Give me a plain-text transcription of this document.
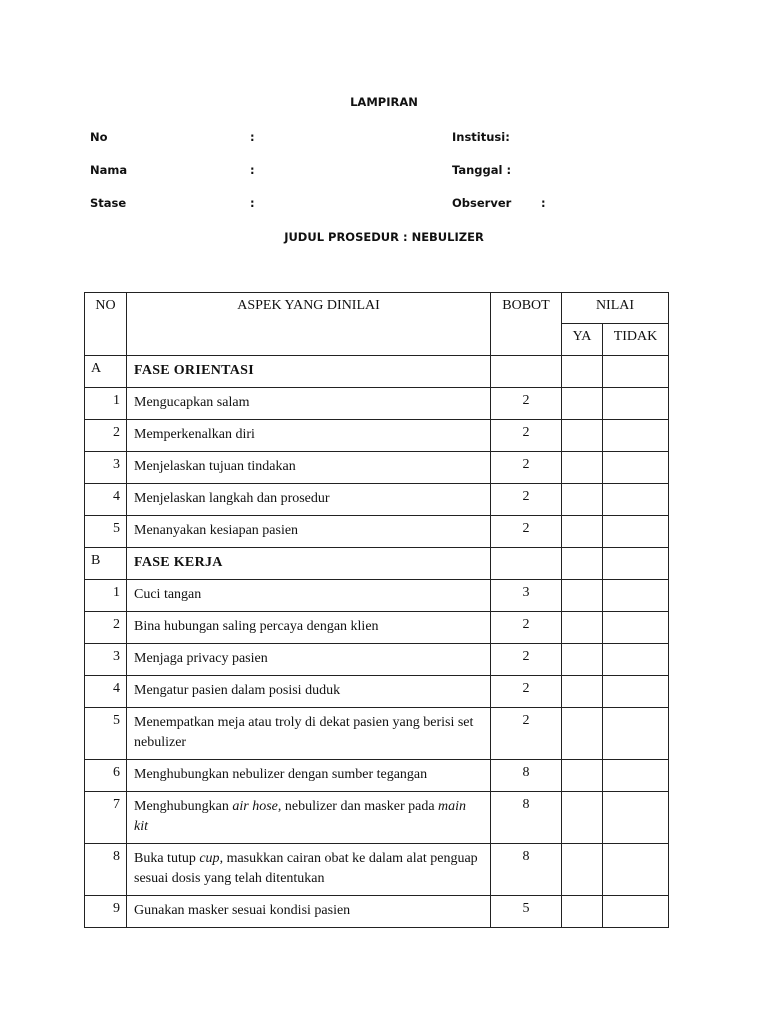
LAMPIRAN
No	:
Nama	:
Stase	:
Institusi:
Tanggal :
Observer	:
JUDUL PROSEDUR : NEBULIZER
NO	ASPEK YANG DINILAI	BOBOT	NILAI	
			YA	TIDAK
A	FASE ORIENTASI			
1	Mengucapkan salam	2		
2	Memperkenalkan diri	2		
3	Menjelaskan tujuan tindakan	2		
4	Menjelaskan langkah dan prosedur	2		
5	Menanyakan kesiapan pasien	2		
B	FASE KERJA			
1	Cuci tangan	3		
2	Bina hubungan saling percaya dengan klien	2		
3	Menjaga privacy pasien	2		
4	Mengatur pasien dalam posisi duduk	2		
5	Menempatkan meja atau troly di dekat pasien yang berisi set nebulizer	2		
6	Menghubungkan nebulizer dengan sumber tegangan	8		
7	Menghubungkan air hose, nebulizer dan masker pada main kit	8		
8	Buka tutup cup, masukkan cairan obat ke dalam alat penguap sesuai dosis yang telah ditentukan	8		
9	Gunakan masker sesuai kondisi pasien	5		
